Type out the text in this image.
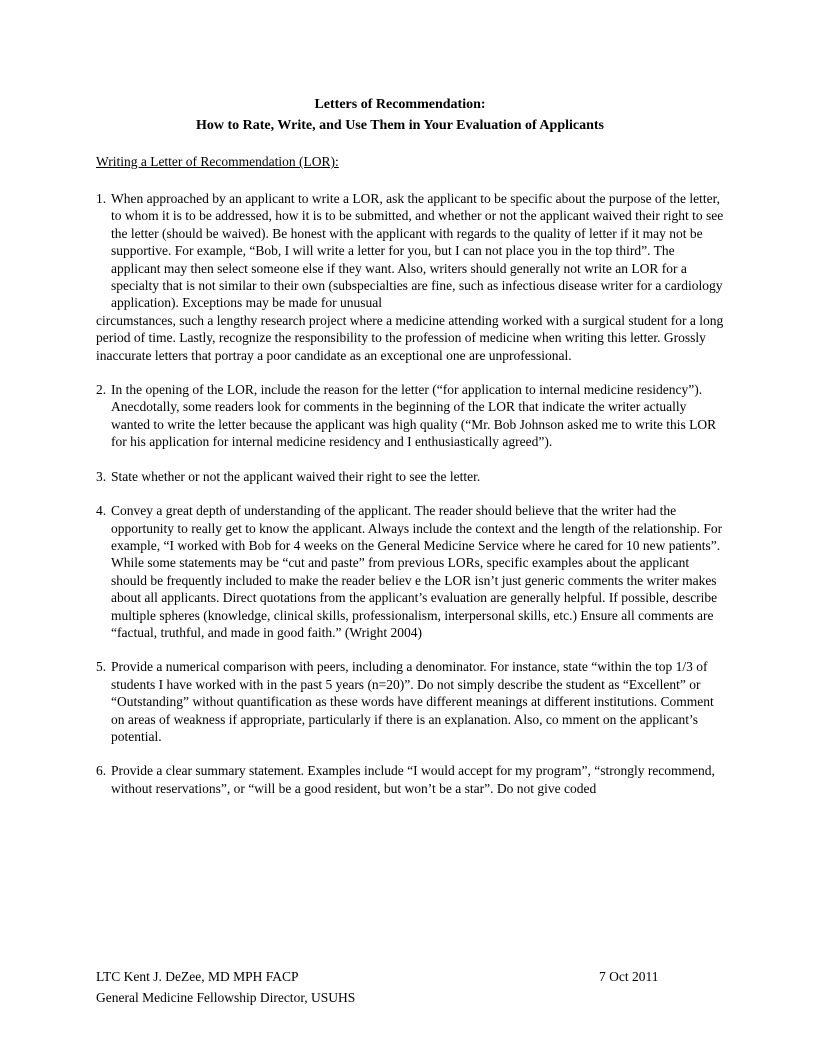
Letters of Recommendation:
How to Rate, Write, and Use Them in Your Evaluation of Applicants

Writing a Letter of Recommendation (LOR):

1. When approached by an applicant to write a LOR, ask the applicant to be specific about the purpose of the letter, to whom it is to be addressed, how it is to be submitted, and whether or not the applicant waived their right to see the letter (should be waived). Be honest with the applicant with regards to the quality of letter if it may not be supportive. For example, “Bob, I will write a letter for you, but I can not place you in the top third”. The applicant may then select someone else if they want. Also, writers should generally not write an LOR for a specialty that is not similar to their own (subspecialties are fine, such as infectious disease writer for a cardiology application). Exceptions may be made for unusual
circumstances, such a lengthy research project where a medicine attending worked with a surgical student for a long period of time. Lastly, recognize the responsibility to the profession of medicine when writing this letter. Grossly inaccurate letters that portray a poor candidate as an exceptional one are unprofessional.
2. In the opening of the LOR, include the reason for the letter (“for application to internal medicine residency”). Anecdotally, some readers look for comments in the beginning of the LOR that indicate the writer actually wanted to write the letter because the applicant was high quality (“Mr. Bob Johnson asked me to write this LOR for his application for internal medicine residency and I enthusiastically agreed”).
3. State whether or not the applicant waived their right to see the letter.
4. Convey a great depth of understanding of the applicant. The reader should believe that the writer had the opportunity to really get to know the applicant. Always include the context and the length of the relationship. For example, “I worked with Bob for 4 weeks on the General Medicine Service where he cared for 10 new patients”. While some statements may be “cut and paste” from previous LORs, specific examples about the applicant should be frequently included to make the reader believ e the LOR isn’t just generic comments the writer makes about all applicants. Direct quotations from the applicant’s evaluation are generally helpful. If possible, describe multiple spheres (knowledge, clinical skills, professionalism, interpersonal skills, etc.) Ensure all comments are “factual, truthful, and made in good faith.” (Wright 2004)
5. Provide a numerical comparison with peers, including a denominator. For instance, state “within the top 1/3 of students I have worked with in the past 5 years (n=20)”. Do not simply describe the student as “Excellent” or “Outstanding” without quantification as these words have different meanings at different institutions. Comment on areas of weakness if appropriate, particularly if there is an explanation. Also, co mment on the applicant’s potential.
6. Provide a clear summary statement. Examples include “I would accept for my program”, “strongly recommend, without reservations”, or “will be a good resident, but won’t be a star”. Do not give coded
LTC Kent J. DeZee, MD MPH FACP	7 Oct 2011
General Medicine Fellowship Director, USUHS
